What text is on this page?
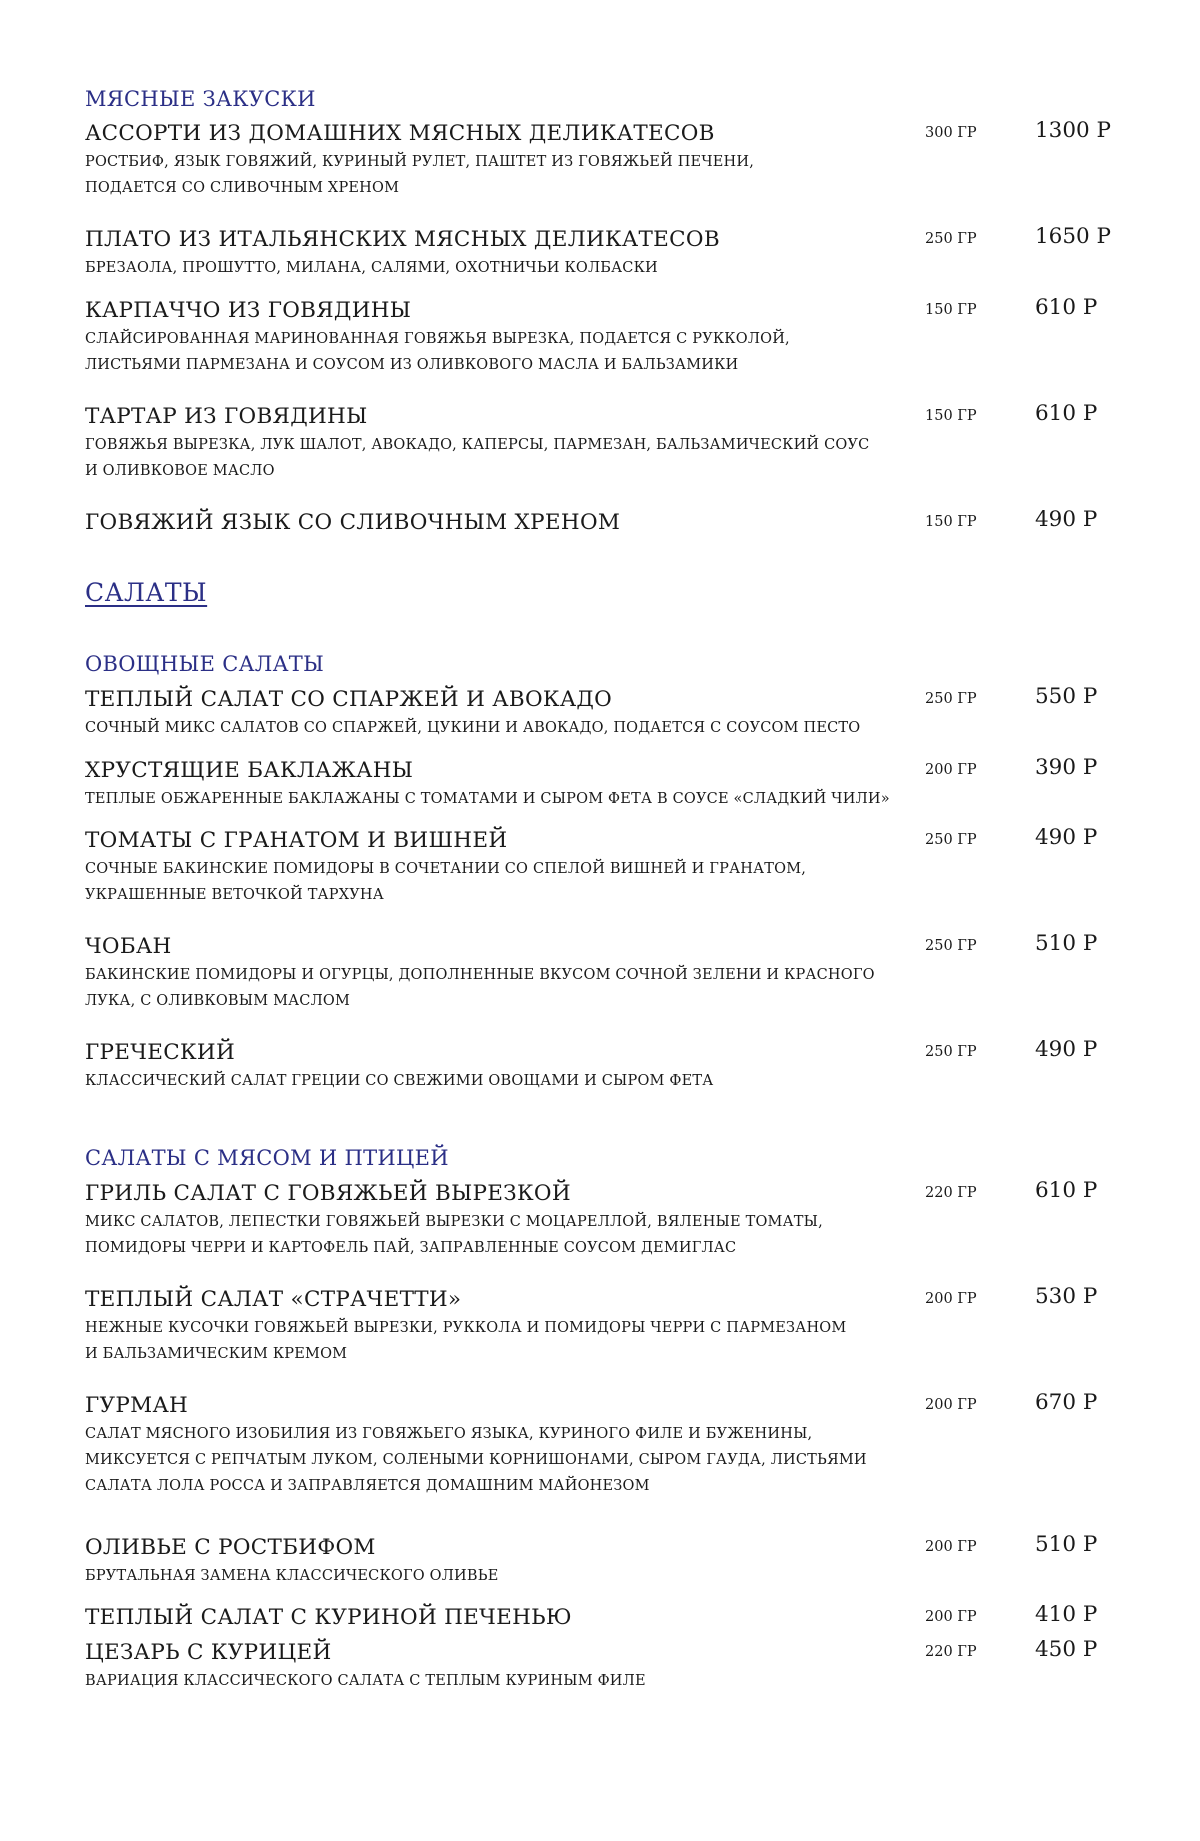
МЯСНЫЕ ЗАКУСКИ
АССОРТИ ИЗ ДОМАШНИХ МЯСНЫХ ДЕЛИКАТЕСОВ	300 ГР	1300 Р
РОСТБИФ, ЯЗЫК ГОВЯЖИЙ, КУРИНЫЙ РУЛЕТ, ПАШТЕТ ИЗ ГОВЯЖЬЕЙ ПЕЧЕНИ,
ПОДАЕТСЯ СО СЛИВОЧНЫМ ХРЕНОМ
ПЛАТО ИЗ ИТАЛЬЯНСКИХ МЯСНЫХ ДЕЛИКАТЕСОВ	250 ГР	1650 Р
БРЕЗАОЛА, ПРОШУТТО, МИЛАНА, САЛЯМИ, ОХОТНИЧЬИ КОЛБАСКИ
КАРПАЧЧО ИЗ ГОВЯДИНЫ	150 ГР	610 Р
СЛАЙСИРОВАННАЯ МАРИНОВАННАЯ ГОВЯЖЬЯ ВЫРЕЗКА, ПОДАЕТСЯ С РУККОЛОЙ,
ЛИСТЬЯМИ ПАРМЕЗАНА И СОУСОМ ИЗ ОЛИВКОВОГО МАСЛА И БАЛЬЗАМИКИ
ТАРТАР ИЗ ГОВЯДИНЫ	150 ГР	610 Р
ГОВЯЖЬЯ ВЫРЕЗКА, ЛУК ШАЛОТ, АВОКАДО, КАПЕРСЫ, ПАРМЕЗАН, БАЛЬЗАМИЧЕСКИЙ СОУС
И ОЛИВКОВОЕ МАСЛО
ГОВЯЖИЙ ЯЗЫК СО СЛИВОЧНЫМ ХРЕНОМ	150 ГР	490 Р
САЛАТЫ
ОВОЩНЫЕ САЛАТЫ
ТЕПЛЫЙ САЛАТ СО СПАРЖЕЙ И АВОКАДО	250 ГР	550 Р
СОЧНЫЙ МИКС САЛАТОВ СО СПАРЖЕЙ, ЦУКИНИ И АВОКАДО, ПОДАЕТСЯ С СОУСОМ ПЕСТО
ХРУСТЯЩИЕ БАКЛАЖАНЫ	200 ГР	390 Р
ТЕПЛЫЕ ОБЖАРЕННЫЕ БАКЛАЖАНЫ С ТОМАТАМИ И СЫРОМ ФЕТА В СОУСЕ «СЛАДКИЙ ЧИЛИ»
ТОМАТЫ С ГРАНАТОМ И ВИШНЕЙ	250 ГР	490 Р
СОЧНЫЕ БАКИНСКИЕ ПОМИДОРЫ В СОЧЕТАНИИ СО СПЕЛОЙ ВИШНЕЙ И ГРАНАТОМ,
УКРАШЕННЫЕ ВЕТОЧКОЙ ТАРХУНА
ЧОБАН	250 ГР	510 Р
БАКИНСКИЕ ПОМИДОРЫ И ОГУРЦЫ, ДОПОЛНЕННЫЕ ВКУСОМ СОЧНОЙ ЗЕЛЕНИ И КРАСНОГО
ЛУКА, С ОЛИВКОВЫМ МАСЛОМ
ГРЕЧЕСКИЙ	250 ГР	490 Р
КЛАССИЧЕСКИЙ САЛАТ ГРЕЦИИ СО СВЕЖИМИ ОВОЩАМИ И СЫРОМ ФЕТА
САЛАТЫ С МЯСОМ И ПТИЦЕЙ
ГРИЛЬ САЛАТ С ГОВЯЖЬЕЙ ВЫРЕЗКОЙ	220 ГР	610 Р
МИКС САЛАТОВ, ЛЕПЕСТКИ ГОВЯЖЬЕЙ ВЫРЕЗКИ С МОЦАРЕЛЛОЙ, ВЯЛЕНЫЕ ТОМАТЫ,
ПОМИДОРЫ ЧЕРРИ И КАРТОФЕЛЬ ПАЙ, ЗАПРАВЛЕННЫЕ СОУСОМ ДЕМИГЛАС
ТЕПЛЫЙ САЛАТ «СТРАЧЕТТИ»	200 ГР	530 Р
НЕЖНЫЕ КУСОЧКИ ГОВЯЖЬЕЙ ВЫРЕЗКИ, РУККОЛА И ПОМИДОРЫ ЧЕРРИ С ПАРМЕЗАНОМ
И БАЛЬЗАМИЧЕСКИМ КРЕМОМ
ГУРМАН	200 ГР	670 Р
САЛАТ МЯСНОГО ИЗОБИЛИЯ ИЗ ГОВЯЖЬЕГО ЯЗЫКА, КУРИНОГО ФИЛЕ И БУЖЕНИНЫ,
МИКСУЕТСЯ С РЕПЧАТЫМ ЛУКОМ, СОЛЕНЫМИ КОРНИШОНАМИ, СЫРОМ ГАУДА, ЛИСТЬЯМИ
САЛАТА ЛОЛА РОССА И ЗАПРАВЛЯЕТСЯ ДОМАШНИМ МАЙОНЕЗОМ
ОЛИВЬЕ С РОСТБИФОМ	200 ГР	510 Р
БРУТАЛЬНАЯ ЗАМЕНА КЛАССИЧЕСКОГО ОЛИВЬЕ
ТЕПЛЫЙ САЛАТ С КУРИНОЙ ПЕЧЕНЬЮ	200 ГР	410 Р
ЦЕЗАРЬ С КУРИЦЕЙ	220 ГР	450 Р
ВАРИАЦИЯ КЛАССИЧЕСКОГО САЛАТА С ТЕПЛЫМ КУРИНЫМ ФИЛЕ
